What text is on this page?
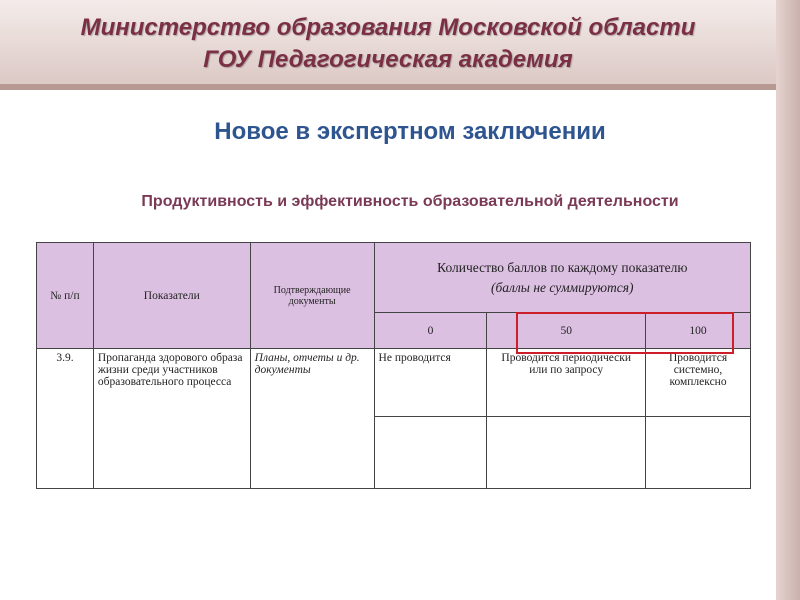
Министерство образования Московской области
ГОУ Педагогическая академия
Новое в экспертном заключении
Продуктивность и эффективность образовательной деятельности
№ п/п	Показатели	Подтверждающие документы	Количество баллов по каждому показателю
(баллы не суммируются)		

			0	50	100
3.9.	Пропаганда здорового образа жизни среди участников образовательного процесса	Планы, отчеты и др. документы	Не проводится	Проводится периодически или по запросу	Проводится системно, комплексно
